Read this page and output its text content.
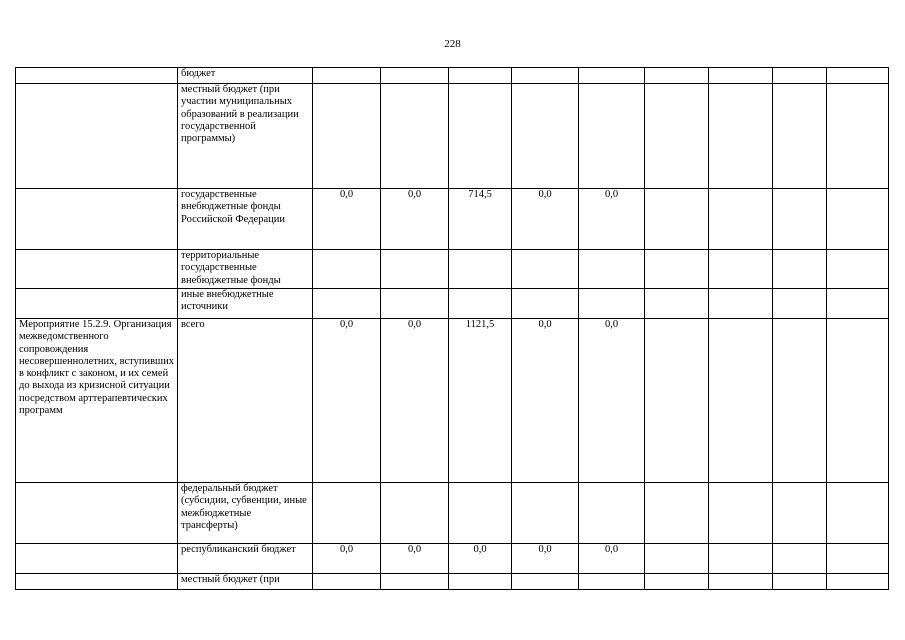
228
	бюджет									
	местный бюджет (при участии муниципальных образований в реализации государственной программы)									
	государственные внебюджетные фонды Российской Федерации	0,0	0,0	714,5	0,0	0,0				
	территориальные государственные внебюджетные фонды									
	иные внебюджетные источники									
Мероприятие 15.2.9. Организация межведомственного сопровождения несовершеннолетних, вступивших в конфликт с законом, и их семей до выхода из кризисной ситуации посредством арттерапевтических программ	всего	0,0	0,0	1121,5	0,0	0,0				
	федеральный бюджет (субсидии, субвенции, иные межбюджетные трансферты)									
	республиканский бюджет	0,0	0,0	0,0	0,0	0,0				
	местный бюджет (при									
